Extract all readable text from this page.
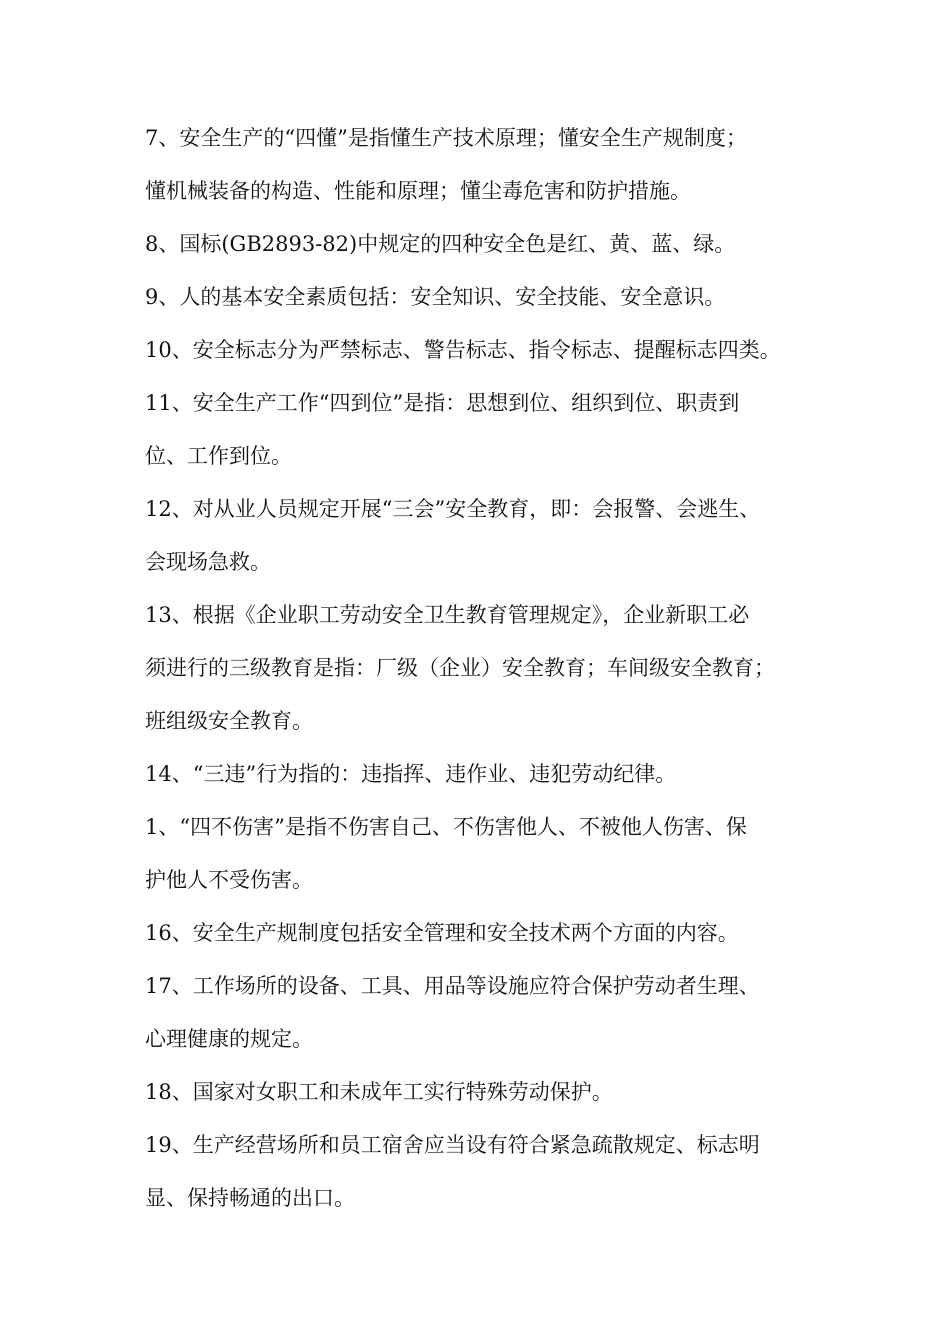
7、安全生产的“四懂”是指懂生产技术原理；懂安全生产规制度；

懂机械装备的构造、性能和原理；懂尘毒危害和防护措施。

8、国标(GB2893-82)中规定的四种安全色是红、黄、蓝、绿。

9、人的基本安全素质包括：安全知识、安全技能、安全意识。

10、安全标志分为严禁标志、警告标志、指令标志、提醒标志四类。

11、安全生产工作“四到位”是指：思想到位、组织到位、职责到

位、工作到位。

12、对从业人员规定开展“三会”安全教育，即：会报警、会逃生、

会现场急救。

13、根据《企业职工劳动安全卫生教育管理规定》，企业新职工必

须进行的三级教育是指：厂级（企业）安全教育；车间级安全教育；

班组级安全教育。

14、“三违”行为指的：违指挥、违作业、违犯劳动纪律。

1、“四不伤害”是指不伤害自己、不伤害他人、不被他人伤害、保

护他人不受伤害。

16、安全生产规制度包括安全管理和安全技术两个方面的内容。

17、工作场所的设备、工具、用品等设施应符合保护劳动者生理、

心理健康的规定。

18、国家对女职工和未成年工实行特殊劳动保护。

19、生产经营场所和员工宿舍应当设有符合紧急疏散规定、标志明

显、保持畅通的出口。
